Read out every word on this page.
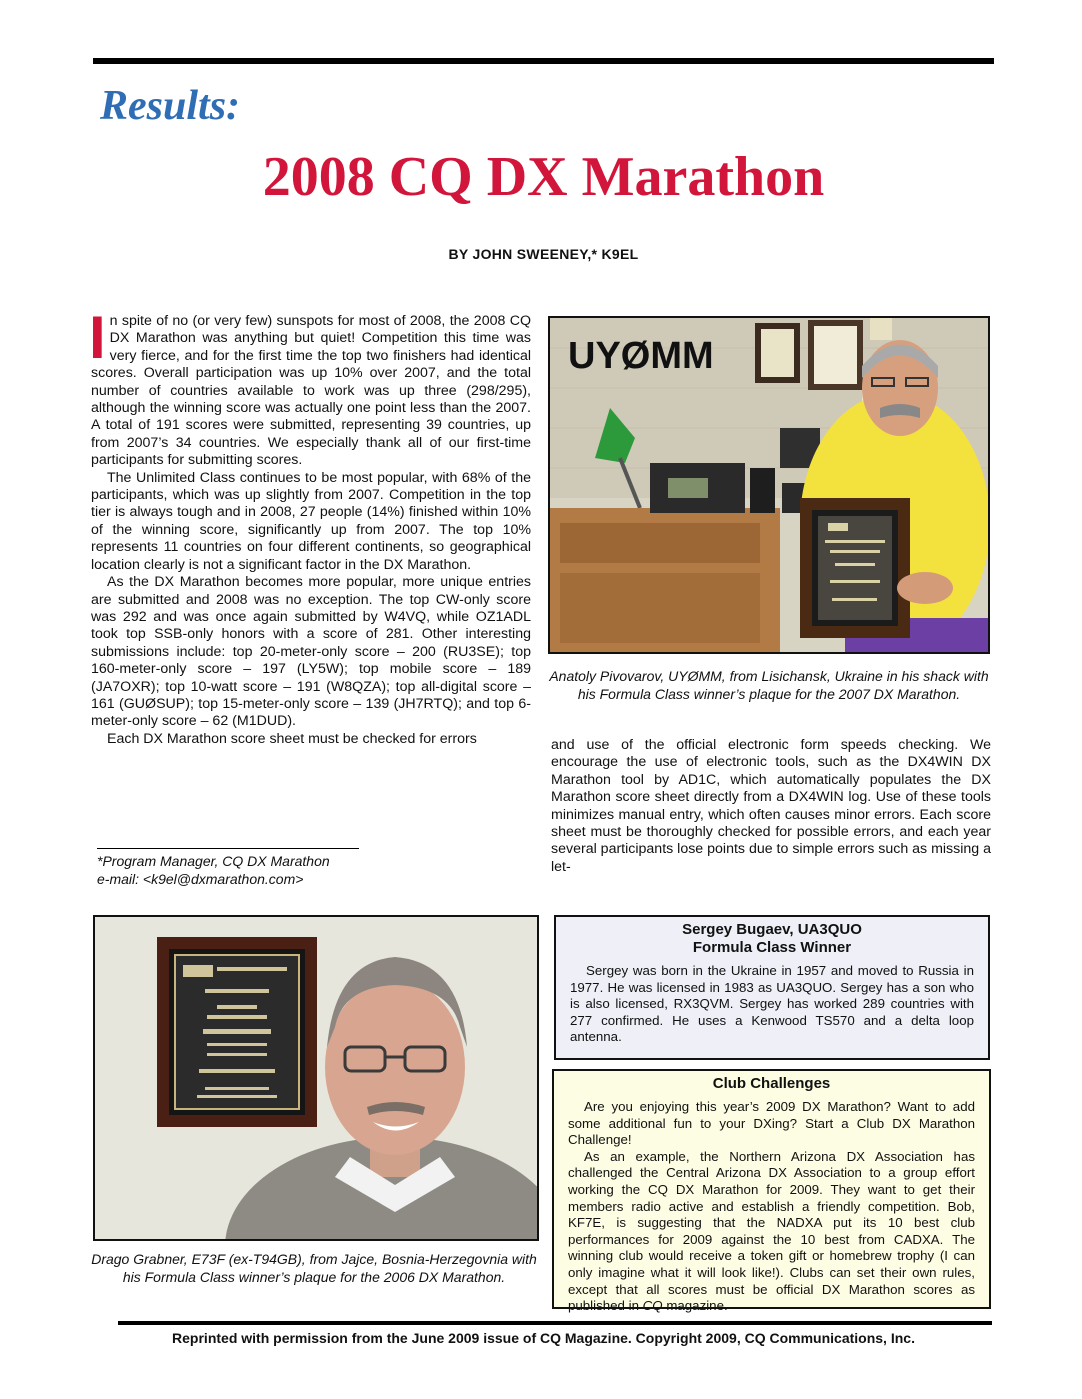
Results:
2008 CQ DX Marathon
BY JOHN SWEENEY,* K9EL

In spite of no (or very few) sunspots for most of 2008, the 2008 CQ DX Marathon was anything but quiet! Competition this time was very fierce, and for the first time the top two finishers had identical scores. Overall participation was up 10% over 2007, and the total number of countries available to work was up three (298/295), although the winning score was actually one point less than the 2007. A total of 191 scores were submitted, representing 39 countries, up from 2007’s 34 countries. We especially thank all of our first-time participants for submitting scores.

The Unlimited Class continues to be most popular, with 68% of the participants, which was up slightly from 2007. Competition in the top tier is always tough and in 2008, 27 people (14%) finished within 10% of the winning score, significantly up from 2007. The top 10% represents 11 countries on four different continents, so geographical location clearly is not a significant factor in the DX Marathon.

As the DX Marathon becomes more popular, more unique entries are submitted and 2008 was no exception. The top CW-only score was 292 and was once again submitted by W4VQ, while OZ1ADL took top SSB-only honors with a score of 281. Other interesting submissions include: top 20-meter-only score – 200 (RU3SE); top 160-meter-only score – 197 (LY5W); top mobile score – 189 (JA7OXR); top 10-watt score – 191 (W8QZA); top all-digital score – 161 (GUØSUP); top 15-meter-only score – 139 (JH7RTQ); and top 6-meter-only score – 62 (M1DUD).

Each DX Marathon score sheet must be checked for errors

*Program Manager, CQ DX Marathon
e-mail: <k9el@dxmarathon.com>
UYØMM
Anatoly Pivovarov, UYØMM, from Lisichansk, Ukraine in his shack with his Formula Class winner’s plaque for the 2007 DX Marathon.

and use of the official electronic form speeds checking. We encourage the use of electronic tools, such as the DX4WIN DX Marathon tool by AD1C, which automatically populates the DX Marathon score sheet directly from a DX4WIN log. Use of these tools minimizes manual entry, which often causes minor errors. Each score sheet must be thoroughly checked for possible errors, and each year several participants lose points due to simple errors such as missing a let-

Drago Grabner, E73F (ex-T94GB), from Jajce, Bosnia-Herzegovnia with his Formula Class winner’s plaque for the 2006 DX Marathon.
Sergey Bugaev, UA3QUO
Formula Class Winner

Sergey was born in the Ukraine in 1957 and moved to Russia in 1977. He was licensed in 1983 as UA3QUO. Sergey has a son who is also licensed, RX3QVM. Sergey has worked 289 countries with 277 confirmed. He uses a Kenwood TS570 and a delta loop antenna.

Club Challenges

Are you enjoying this year’s 2009 DX Marathon? Want to add some additional fun to your DXing? Start a Club DX Marathon Challenge!

As an example, the Northern Arizona DX Association has challenged the Central Arizona DX Association to a group effort working the CQ DX Marathon for 2009. They want to get their members radio active and establish a friendly competition. Bob, KF7E, is suggesting that the NADXA put its 10 best club performances for 2009 against the 10 best from CADXA. The winning club would receive a token gift or homebrew trophy (I can only imagine what it will look like!). Clubs can set their own rules, except that all scores must be official DX Marathon scores as published in CQ magazine.

Reprinted with permission from the June 2009 issue of CQ Magazine. Copyright 2009, CQ Communications, Inc.
